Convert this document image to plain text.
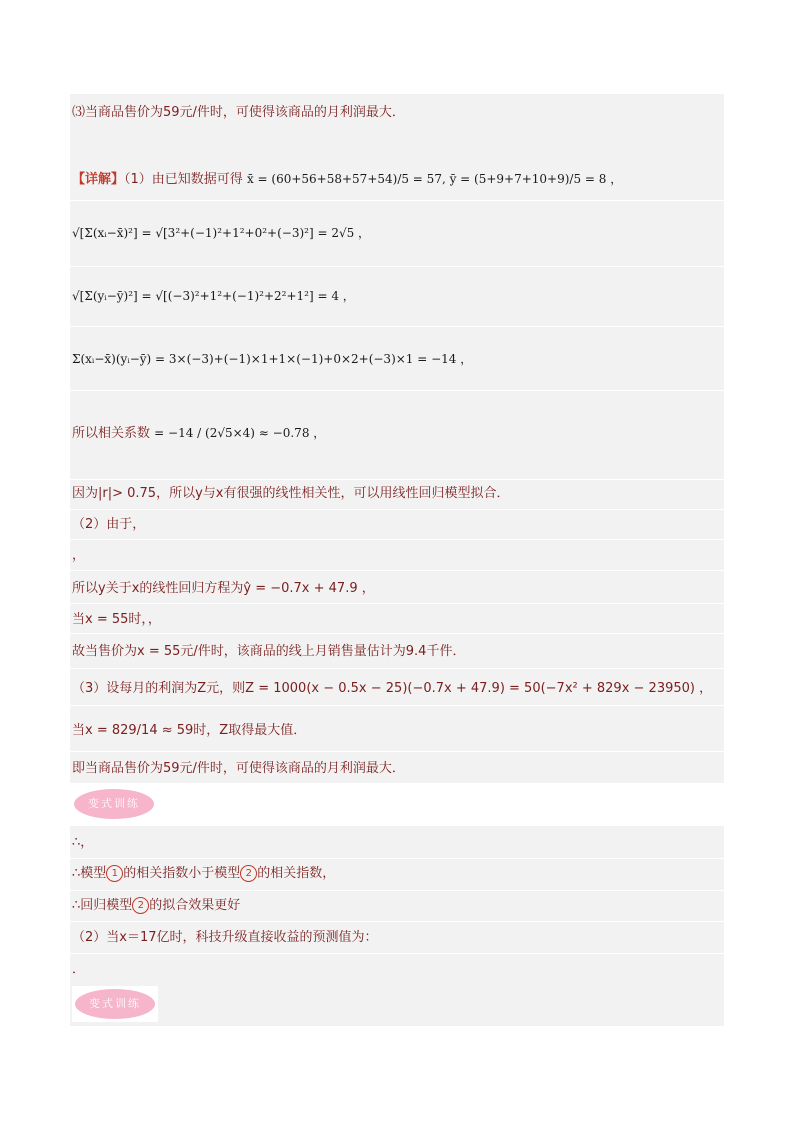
⑶当商品售价为59元/件时，可使得该商品的月利润最大．
【详解】（1）由已知数据可得 x̄ = (60+56+58+57+54)/5 = 57, ȳ = (5+9+7+10+9)/5 = 8 ，
√[Σ(xᵢ−x̄)²] = √[3²+(−1)²+1²+0²+(−3)²] = 2√5 ，
√[Σ(yᵢ−ȳ)²] = √[(−3)²+1²+(−1)²+2²+1²] = 4 ，
Σ(xᵢ−x̄)(yᵢ−ȳ) = 3×(−3)+(−1)×1+1×(−1)+0×2+(−3)×1 = −14 ，
所以相关系数 = −14 / (2√5×4) ≈ −0.78 ，
因为|r|> 0.75，所以y与x有很强的线性相关性，可以用线性回归模型拟合．
（2）由于，
，
所以y关于x的线性回归方程为ŷ = −0.7x + 47.9 ，
当x = 55时，，
故当售价为x = 55元/件时，该商品的线上月销售量估计为9.4千件．
（3）设每月的利润为Z元，则Z = 1000(x − 0.5x − 25)(−0.7x + 47.9) = 50(−7x² + 829x − 23950) ，
当x = 829/14 ≈ 59时，Z取得最大值．
即当商品售价为59元/件时，可使得该商品的月利润最大．
变式训练
∴，
∴模型 1 的相关指数小于模型 2 的相关指数，
∴回归模型 2 的拟合效果更好
（2）当x＝17亿时，科技升级直接收益的预测值为：
．
变式训练
